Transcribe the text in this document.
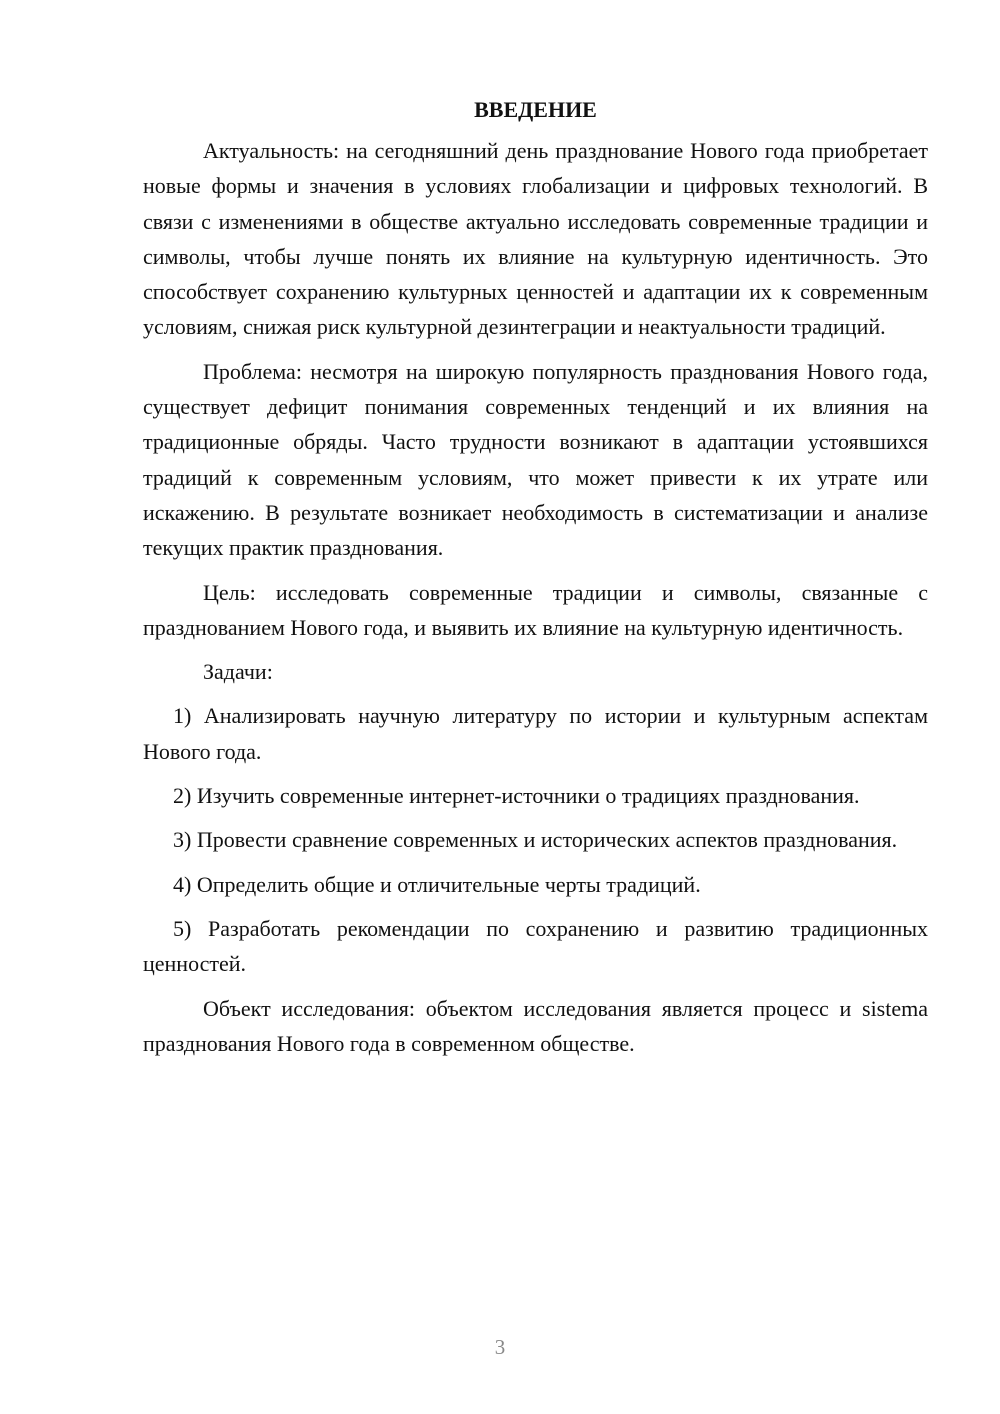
ВВЕДЕНИЕ

Актуальность: на сегодняшний день празднование Нового года приобретает новые формы и значения в условиях глобализации и цифровых технологий. В связи с изменениями в обществе актуально исследовать современные традиции и символы, чтобы лучше понять их влияние на культурную идентичность. Это способствует сохранению культурных ценностей и адаптации их к современным условиям, снижая риск культурной дезинтеграции и неактуальности традиций.

Проблема: несмотря на широкую популярность празднования Нового года, существует дефицит понимания современных тенденций и их влияния на традиционные обряды. Часто трудности возникают в адаптации устоявшихся традиций к современным условиям, что может привести к их утрате или искажению. В результате возникает необходимость в систематизации и анализе текущих практик празднования.

Цель: исследовать современные традиции и символы, связанные с празднованием Нового года, и выявить их влияние на культурную идентичность.

Задачи:

1) Анализировать научную литературу по истории и культурным аспектам Нового года.

2) Изучить современные интернет-источники о традициях празднования.

3) Провести сравнение современных и исторических аспектов празднования.

4) Определить общие и отличительные черты традиций.

5) Разработать рекомендации по сохранению и развитию традиционных ценностей.

Объект исследования: объектом исследования является процесс и sistema празднования Нового года в современном обществе.

3
